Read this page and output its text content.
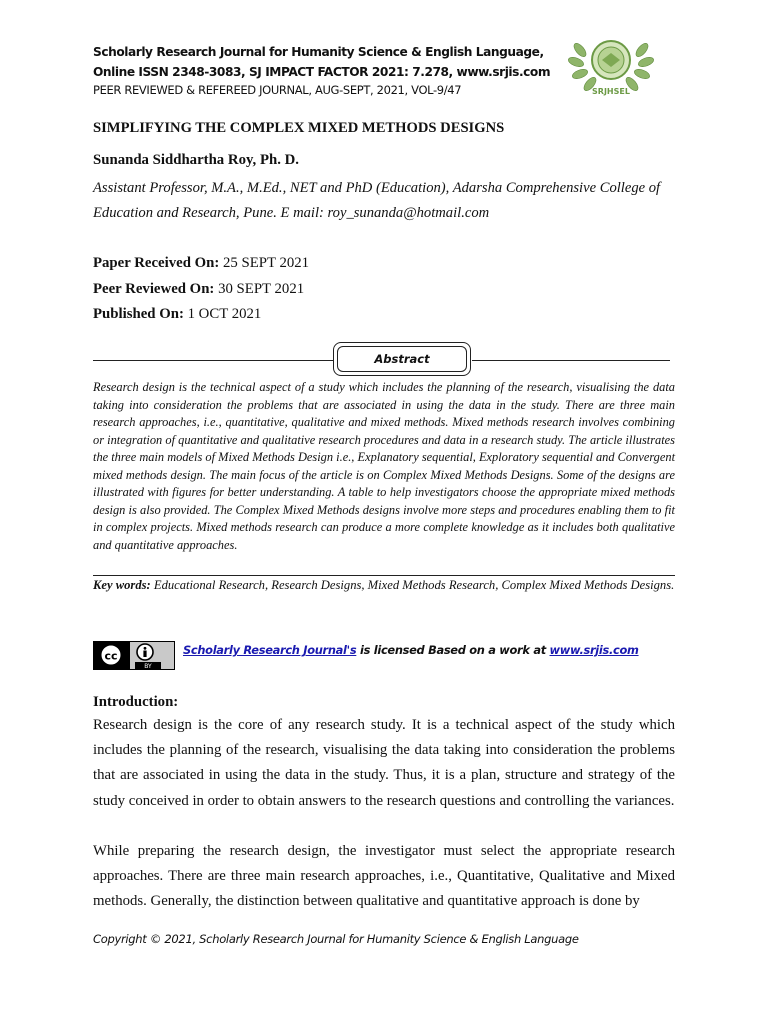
Scholarly Research Journal for Humanity Science & English Language,
Online ISSN 2348-3083, SJ IMPACT FACTOR 2021: 7.278, www.srjis.com
PEER REVIEWED & REFEREED JOURNAL, AUG-SEPT, 2021, VOL-9/47	SRJHSEL
SIMPLIFYING THE COMPLEX MIXED METHODS DESIGNS
Sunanda Siddhartha Roy, Ph. D.
Assistant Professor, M.A., M.Ed., NET and PhD (Education), Adarsha Comprehensive College of Education and Research, Pune. E mail: roy_sunanda@hotmail.com
Paper Received On: 25 SEPT 2021
Peer Reviewed On: 30 SEPT 2021
Published On: 1 OCT 2021
Abstract

Research design is the technical aspect of a study which includes the planning of the research, visualising the data taking into consideration the problems that are associated in using the data in the study. There are three main research approaches, i.e., quantitative, qualitative and mixed methods. Mixed methods research involves combining or integration of quantitative and qualitative research procedures and data in a research study. The article illustrates the three main models of Mixed Methods Design i.e., Explanatory sequential, Exploratory sequential and Convergent mixed methods design. The main focus of the article is on Complex Mixed Methods Designs. Some of the designs are illustrated with figures for better understanding. A table to help investigators choose the appropriate mixed methods design is also provided. The Complex Mixed Methods designs involve more steps and procedures enabling them to fit in complex projects. Mixed methods research can produce a more complete knowledge as it includes both qualitative and quantitative approaches.

Key words: Educational Research, Research Designs, Mixed Methods Research, Complex Mixed Methods Designs.

cc
BY
Scholarly Research Journal's is licensed Based on a work at www.srjis.com
Introduction:

Research design is the core of any research study. It is a technical aspect of the study which includes the planning of the research, visualising the data taking into consideration the problems that are associated in using the data in the study. Thus, it is a plan, structure and strategy of the study conceived in order to obtain answers to the research questions and controlling the variances.

While preparing the research design, the investigator must select the appropriate research approaches. There are three main research approaches, i.e., Quantitative, Qualitative and Mixed methods. Generally, the distinction between qualitative and quantitative approach is done by

Copyright © 2021, Scholarly Research Journal for Humanity Science & English Language
